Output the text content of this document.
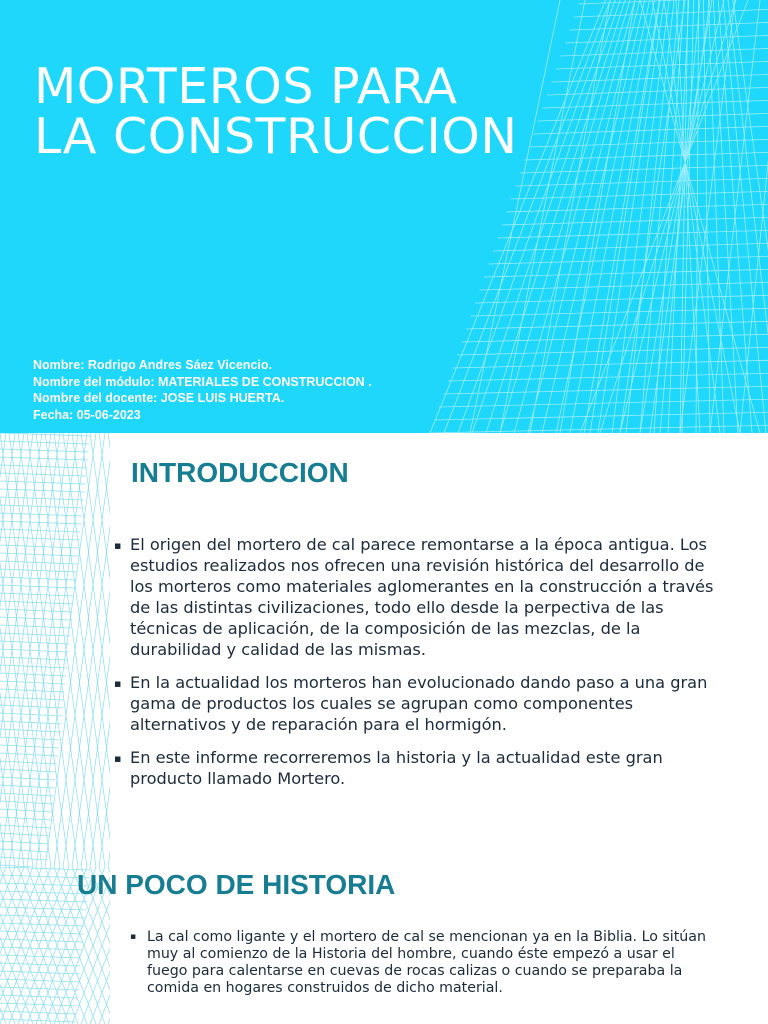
MORTEROS PARA
LA CONSTRUCCION
Nombre: Rodrigo Andres Sáez Vicencio.
Nombre del módulo: MATERIALES DE CONSTRUCCION .
Nombre del docente: JOSE LUIS HUERTA.
Fecha: 05-06-2023
INTRODUCCION
▪ El origen del mortero de cal parece remontarse a la época antigua. Los estudios realizados nos ofrecen una revisión histórica del desarrollo de los morteros como materiales aglomerantes en la construcción a través de las distintas civilizaciones, todo ello desde la perpectiva de las técnicas de aplicación, de la composición de las mezclas, de la durabilidad y calidad de las mismas.
▪ En la actualidad los morteros han evolucionado dando paso a una gran gama de productos los cuales se agrupan como componentes alternativos y de reparación para el hormigón.
▪ En este informe recorreremos la historia y la actualidad este gran producto llamado Mortero.
UN POCO DE HISTORIA
▪ La cal como ligante y el mortero de cal se mencionan ya en la Biblia. Lo sitúan muy al comienzo de la Historia del hombre, cuando éste empezó a usar el fuego para calentarse en cuevas de rocas calizas o cuando se preparaba la comida en hogares construidos de dicho material.
